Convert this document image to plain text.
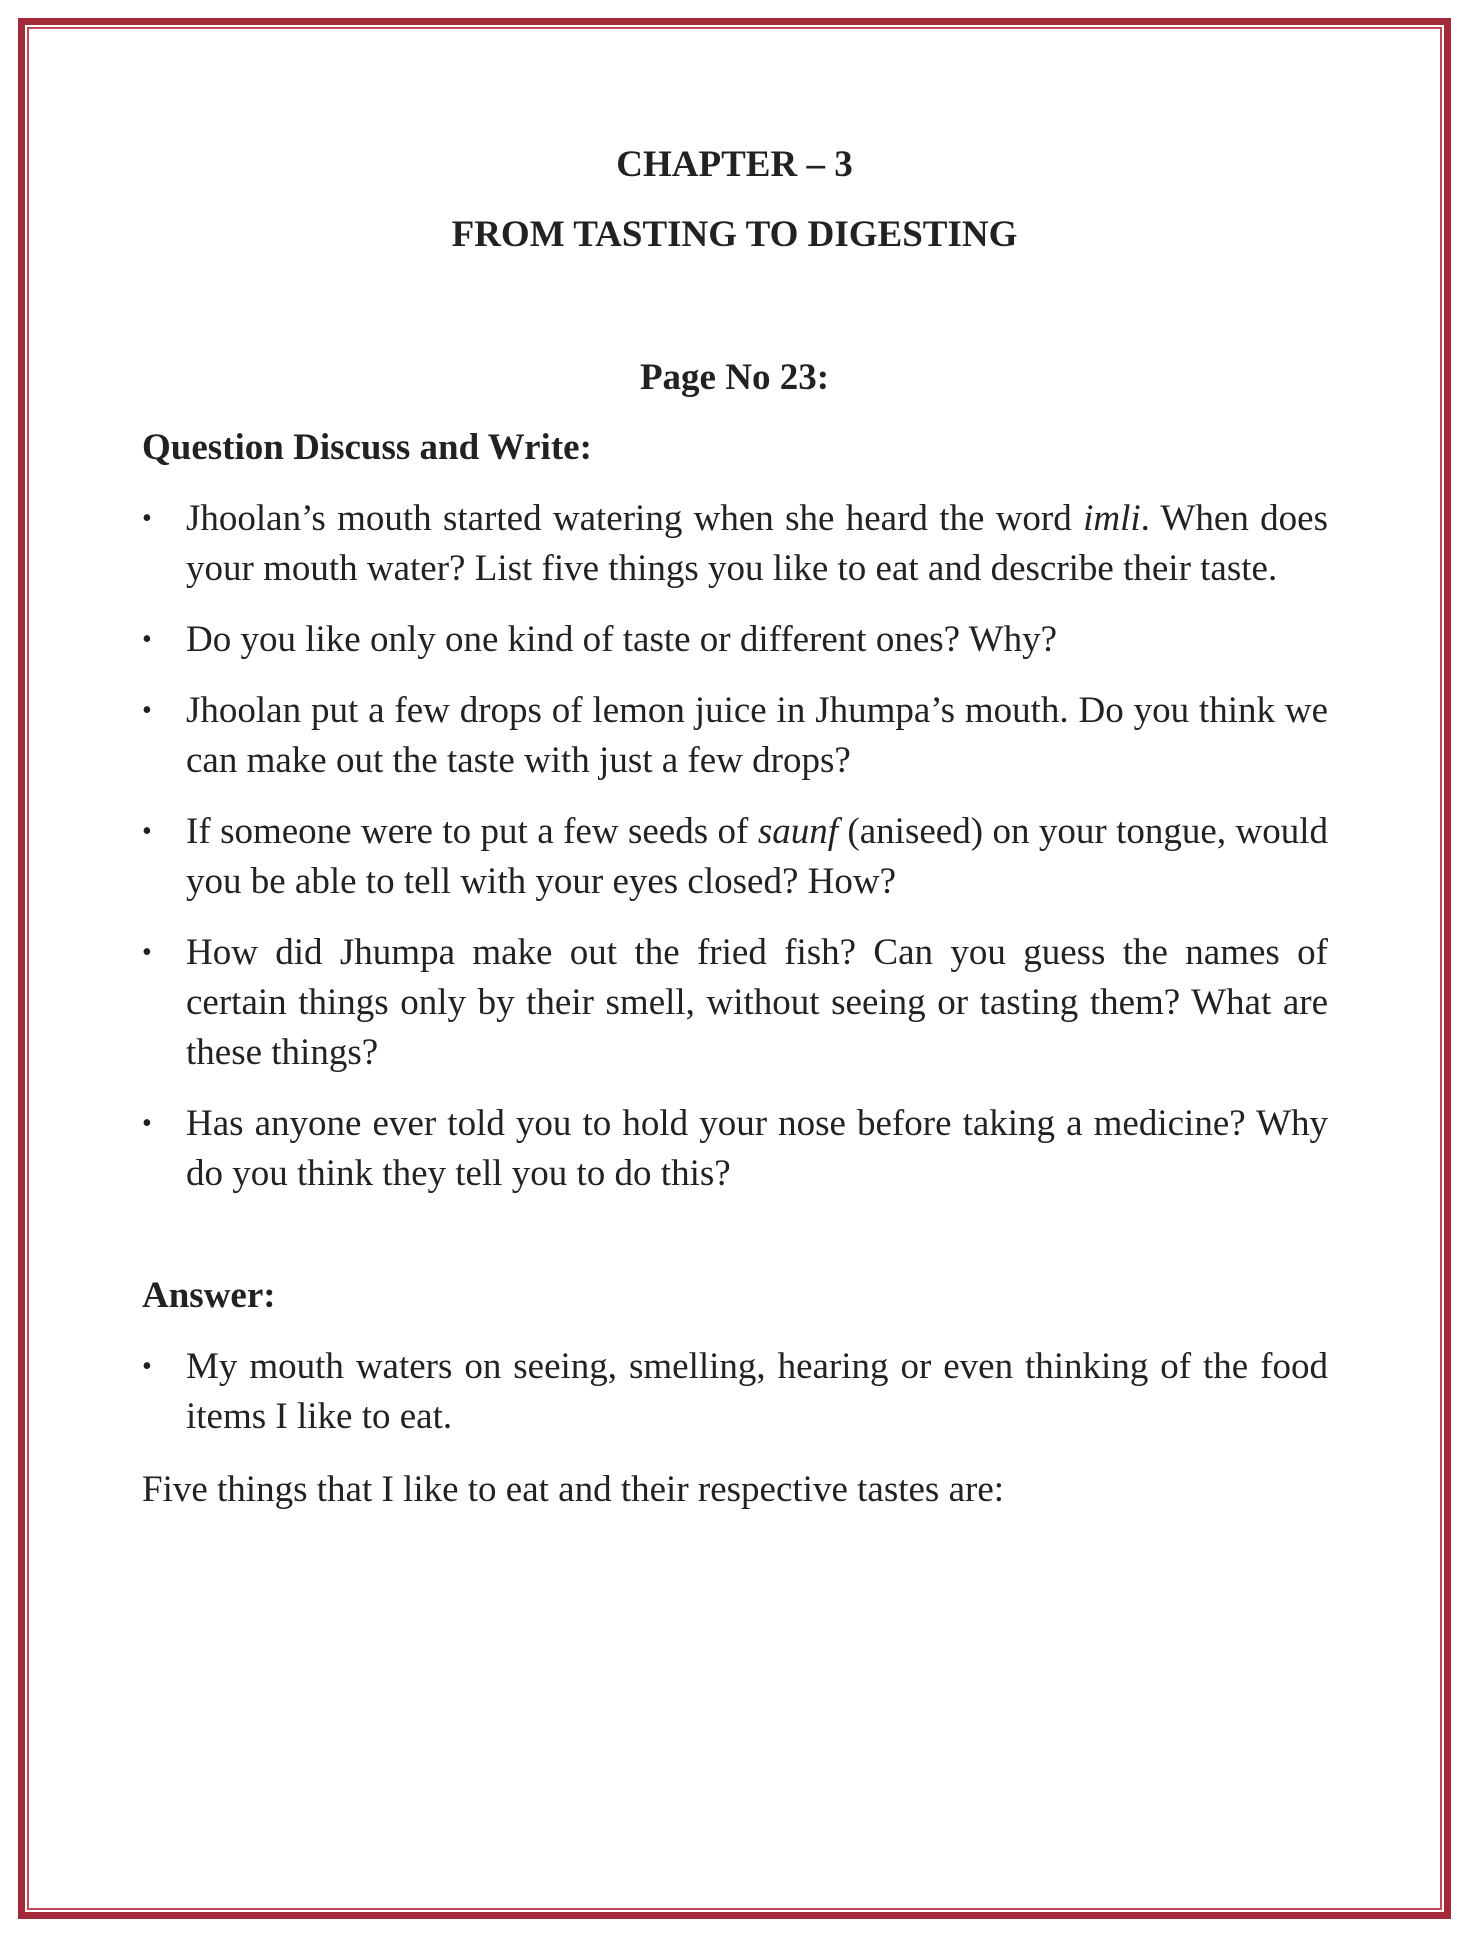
CHAPTER – 3
FROM TASTING TO DIGESTING
Page No 23:
Question Discuss and Write:
• Jhoolan’s mouth started watering when she heard the word imli. When does your mouth water? List five things you like to eat and describe their taste.
• Do you like only one kind of taste or different ones? Why?
• Jhoolan put a few drops of lemon juice in Jhumpa’s mouth. Do you think we can make out the taste with just a few drops?
• If someone were to put a few seeds of saunf (aniseed) on your tongue, would you be able to tell with your eyes closed? How?
• How did Jhumpa make out the fried fish? Can you guess the names of certain things only by their smell, without seeing or tasting them? What are these things?
• Has anyone ever told you to hold your nose before taking a medicine? Why do you think they tell you to do this?
Answer:
• My mouth waters on seeing, smelling, hearing or even thinking of the food items I like to eat.
Five things that I like to eat and their respective tastes are:
